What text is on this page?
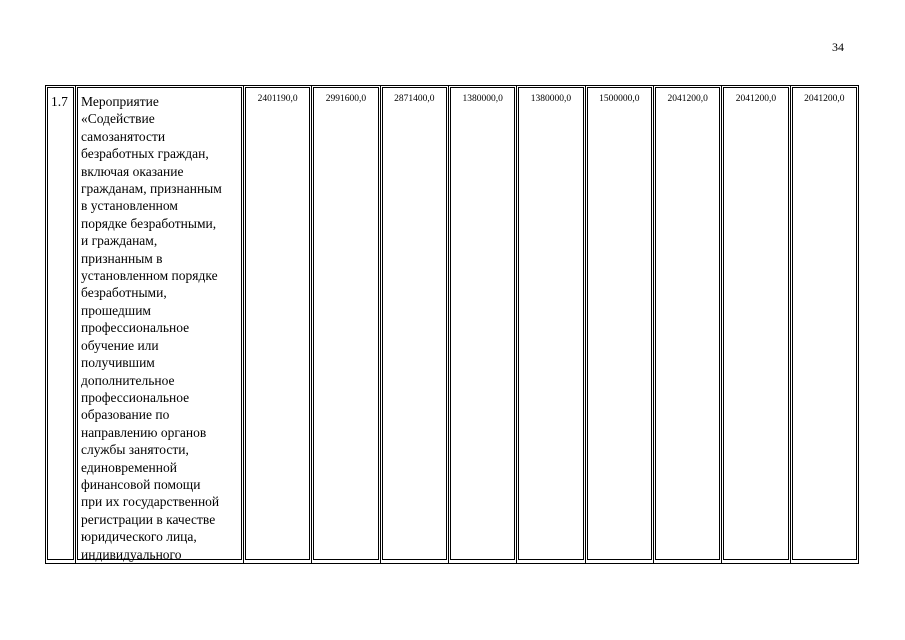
34
1.7	Мероприятие
«Содействие
самозанятости
безработных граждан,
включая оказание
гражданам, признанным
в установленном
порядке безработными,
и гражданам,
признанным в
установленном порядке
безработными,
прошедшим
профессиональное
обучение или
получившим
дополнительное
профессиональное
образование по
направлению органов
службы занятости,
единовременной
финансовой помощи
при их государственной
регистрации в качестве
юридического лица,
индивидуального

2401190,0	2991600,0	2871400,0	1380000,0	1380000,0	1500000,0	2041200,0	2041200,0	2041200,0
